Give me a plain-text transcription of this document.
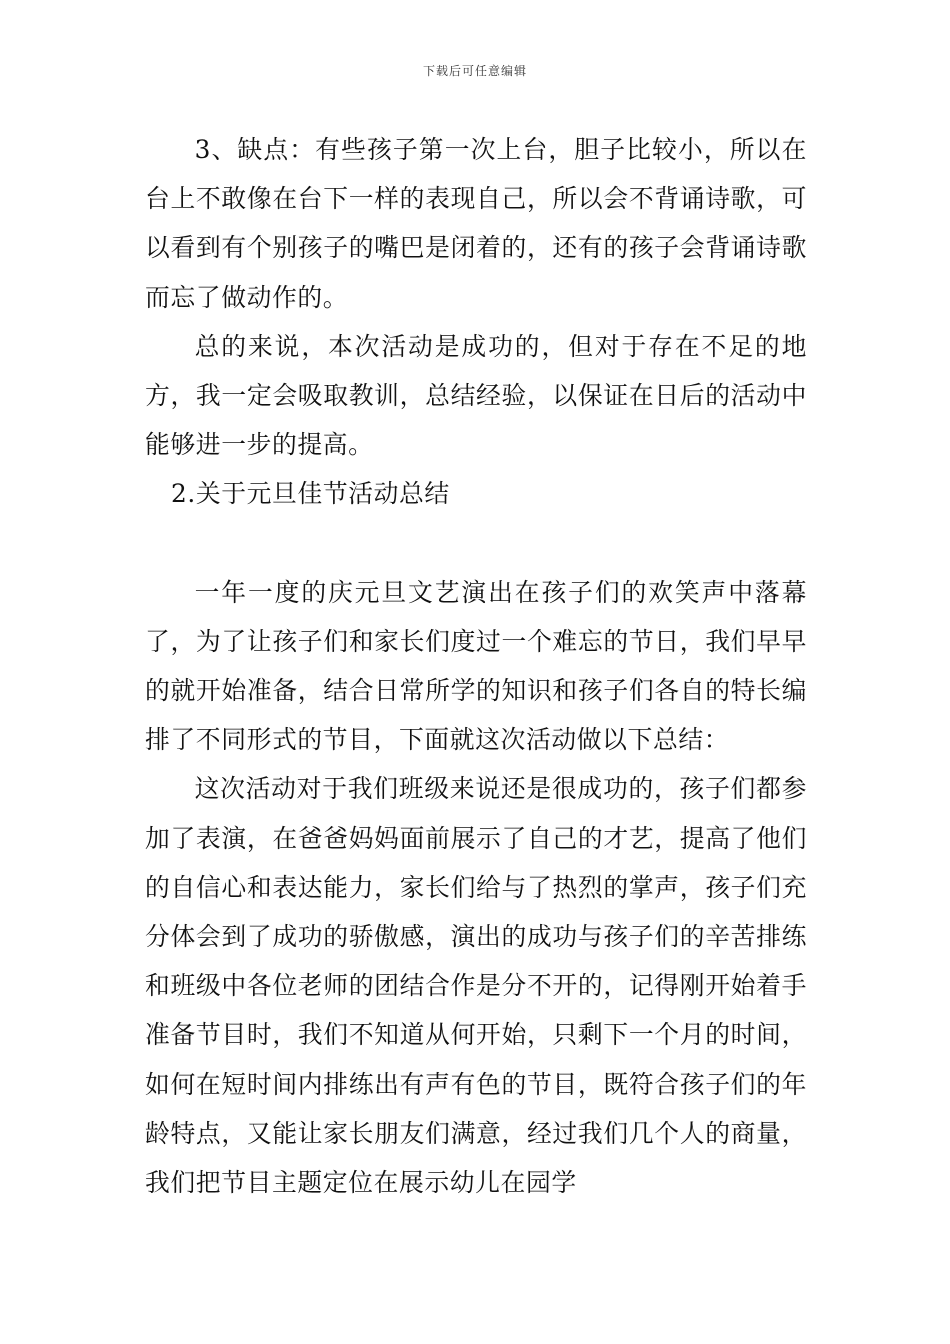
下载后可任意编辑

3、缺点：有些孩子第一次上台，胆子比较小，所以在台上不敢像在台下一样的表现自己，所以会不背诵诗歌，可以看到有个别孩子的嘴巴是闭着的，还有的孩子会背诵诗歌而忘了做动作的。

总的来说，本次活动是成功的，但对于存在不足的地方，我一定会吸取教训，总结经验，以保证在日后的活动中能够进一步的提高。

2.关于元旦佳节活动总结

一年一度的庆元旦文艺演出在孩子们的欢笑声中落幕了，为了让孩子们和家长们度过一个难忘的节日，我们早早的就开始准备，结合日常所学的知识和孩子们各自的特长编排了不同形式的节目，下面就这次活动做以下总结：

这次活动对于我们班级来说还是很成功的，孩子们都参加了表演，在爸爸妈妈面前展示了自己的才艺，提高了他们的自信心和表达能力，家长们给与了热烈的掌声，孩子们充分体会到了成功的骄傲感，演出的成功与孩子们的辛苦排练和班级中各位老师的团结合作是分不开的，记得刚开始着手准备节目时，我们不知道从何开始，只剩下一个月的时间，如何在短时间内排练出有声有色的节目，既符合孩子们的年龄特点，又能让家长朋友们满意，经过我们几个人的商量，我们把节目主题定位在展示幼儿在园学
